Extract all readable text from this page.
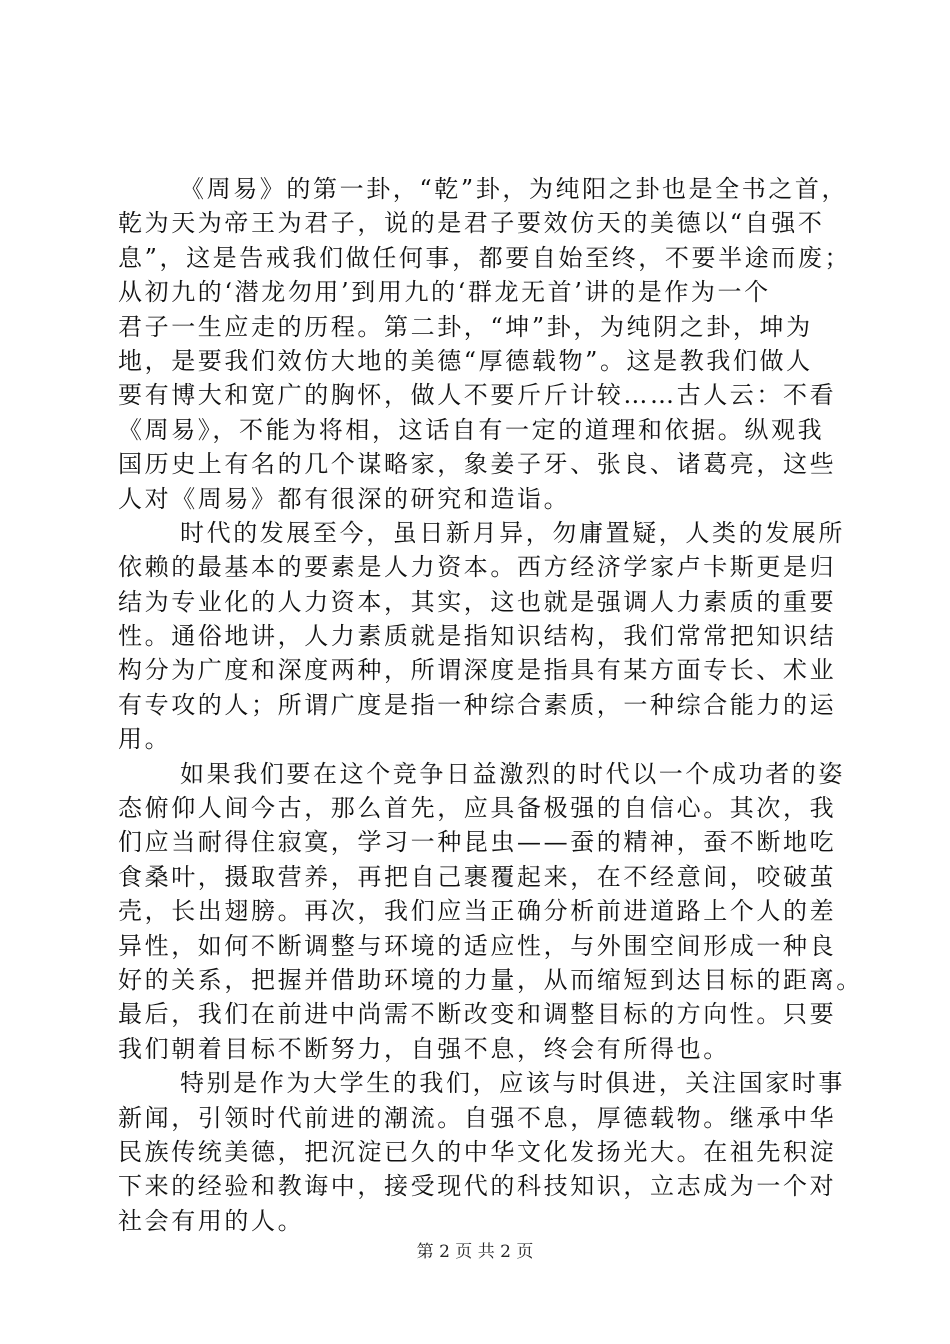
《周易》的第一卦，“乾”卦，为纯阳之卦也是全书之首，
乾为天为帝王为君子，说的是君子要效仿天的美德以“自强不
息”，这是告戒我们做任何事，都要自始至终，不要半途而废；
从初九的‘潜龙勿用’到用九的‘群龙无首’讲的是作为一个
君子一生应走的历程。第二卦，“坤”卦，为纯阴之卦，坤为
地，是要我们效仿大地的美德“厚德载物”。这是教我们做人
要有博大和宽广的胸怀，做人不要斤斤计较……古人云：不看
《周易》，不能为将相，这话自有一定的道理和依据。纵观我
国历史上有名的几个谋略家，象姜子牙、张良、诸葛亮，这些
人对《周易》都有很深的研究和造诣。
时代的发展至今，虽日新月异，勿庸置疑，人类的发展所
依赖的最基本的要素是人力资本。西方经济学家卢卡斯更是归
结为专业化的人力资本，其实，这也就是强调人力素质的重要
性。通俗地讲，人力素质就是指知识结构，我们常常把知识结
构分为广度和深度两种，所谓深度是指具有某方面专长、术业
有专攻的人；所谓广度是指一种综合素质，一种综合能力的运
用。
如果我们要在这个竞争日益激烈的时代以一个成功者的姿
态俯仰人间今古，那么首先，应具备极强的自信心。其次，我
们应当耐得住寂寞，学习一种昆虫——蚕的精神，蚕不断地吃
食桑叶，摄取营养，再把自己裹覆起来，在不经意间，咬破茧
壳，长出翅膀。再次，我们应当正确分析前进道路上个人的差
异性，如何不断调整与环境的适应性，与外围空间形成一种良
好的关系，把握并借助环境的力量，从而缩短到达目标的距离。
最后，我们在前进中尚需不断改变和调整目标的方向性。只要
我们朝着目标不断努力，自强不息，终会有所得也。
特别是作为大学生的我们，应该与时俱进，关注国家时事
新闻，引领时代前进的潮流。自强不息，厚德载物。继承中华
民族传统美德，把沉淀已久的中华文化发扬光大。在祖先积淀
下来的经验和教诲中，接受现代的科技知识，立志成为一个对
社会有用的人。
第 2 页 共 2 页
